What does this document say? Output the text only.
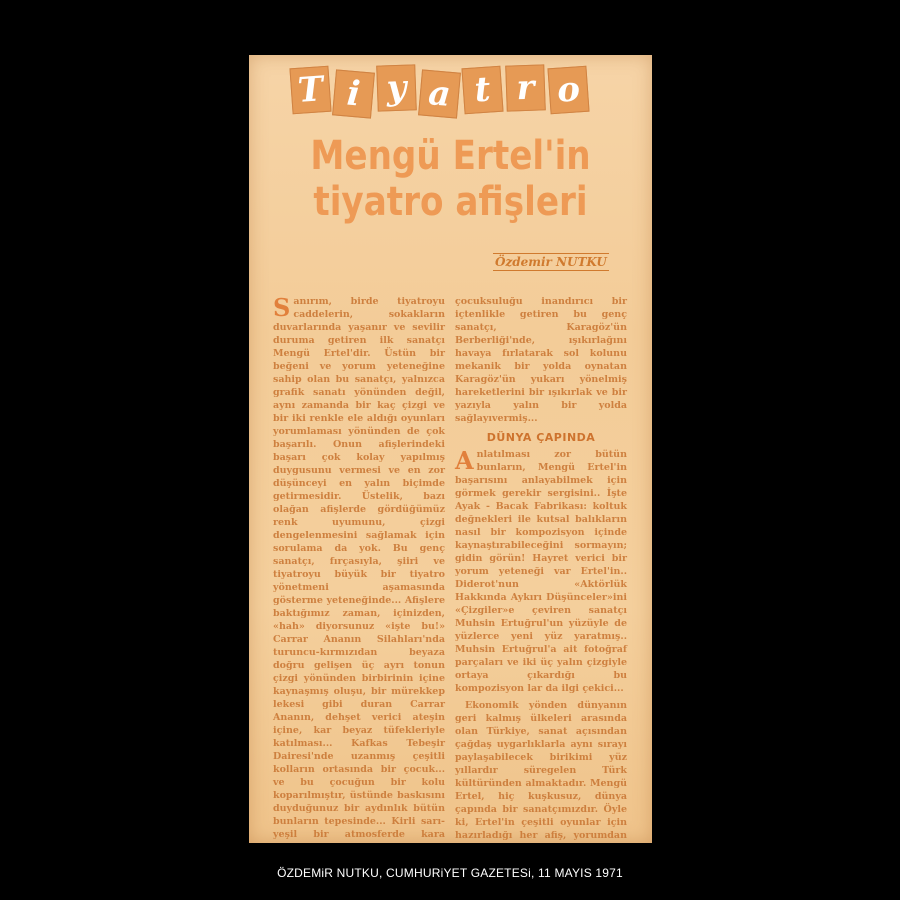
T i y a t r o
Mengü Ertel'in
tiyatro afişleri
Özdemir NUTKU

Sanırım, birde tiyatroyu caddelerin, sokakların duvarlarında yaşanır ve sevilir duruma getiren ilk sanatçı Mengü Ertel'dir. Üstün bir beğeni ve yorum yeteneğine sahip olan bu sanatçı, yalnızca grafik sanatı yönünden değil, aynı zamanda bir kaç çizgi ve bir iki renkle ele aldığı oyunları yorumlaması yönünden de çok başarılı. Onun afişlerindeki başarı çok kolay yapılmış duygusunu vermesi ve en zor düşünceyi en yalın biçimde getirmesidir. Üstelik, bazı olağan afişlerde gördüğümüz renk uyumunu, çizgi dengelenmesini sağlamak için sorulama da yok. Bu genç sanatçı, fırçasıyla, şiiri ve tiyatroyu büyük bir tiyatro yönetmeni aşamasında gösterme yeteneğinde... Afişlere baktığımız zaman, içinizden, «hah» diyorsunuz «işte bu!» Carrar Ananın Silahları'nda turuncu-kırmızıdan beyaza doğru gelişen üç ayrı tonun çizgi yönünden birbirinin içine kaynaşmış oluşu, bir mürekkep lekesi gibi duran Carrar Ananın, dehşet verici ateşin içine, kar beyaz tüfekleriyle katılması... Kafkas Tebeşir Dairesi'nde uzanmış çeşitli kolların ortasında bir çocuk... ve bu çocuğun bir kolu koparılmıştır, üstünde baskısını duyduğunuz bir aydınlık bütün bunların tepesinde... Kirli sarı-yeşil bir atmosferde kara

çocuksuluğu inandırıcı bir içtenlikle getiren bu genç sanatçı, Karagöz'ün Berberliği'nde, ışıkırlağını havaya fırlatarak sol kolunu mekanik bir yolda oynatan Karagöz'ün yukarı yönelmiş hareketlerini bir ışıkırlak ve bir yazıyla yalın bir yolda sağlayıvermiş...

DÜNYA ÇAPINDA

Anlatılması zor bütün bunların, Mengü Ertel'in başarısını anlayabilmek için görmek gerekir sergisini.. İşte Ayak - Bacak Fabrikası: koltuk değnekleri ile kutsal balıkların nasıl bir kompozisyon içinde kaynaştırabileceğini sormayın; gidin görün! Hayret verici bir yorum yeteneği var Ertel'in.. Diderot'nun «Aktörlük Hakkında Aykırı Düşünceler»ini «Çizgiler»e çeviren sanatçı Muhsin Ertuğrul'un yüzüyle de yüzlerce yeni yüz yaratmış.. Muhsin Ertuğrul'a ait fotoğraf parçaları ve iki üç yalın çizgiyle ortaya çıkardığı bu kompozisyon lar da ilgi çekici...

Ekonomik yönden dünyanın geri kalmış ülkeleri arasında olan Türkiye, sanat açısından çağdaş uygarlıklarla aynı sırayı paylaşabilecek birikimi yüz yıllardır süregelen Türk kültüründen almaktadır. Mengü Ertel, hiç kuşkusuz, dünya çapında bir sanatçımızdır. Öyle ki, Ertel'in çeşitli oyunlar için hazırladığı her afiş, yorumdan

ÖZDEMiR NUTKU, CUMHURiYET GAZETESi, 11 MAYIS 1971
